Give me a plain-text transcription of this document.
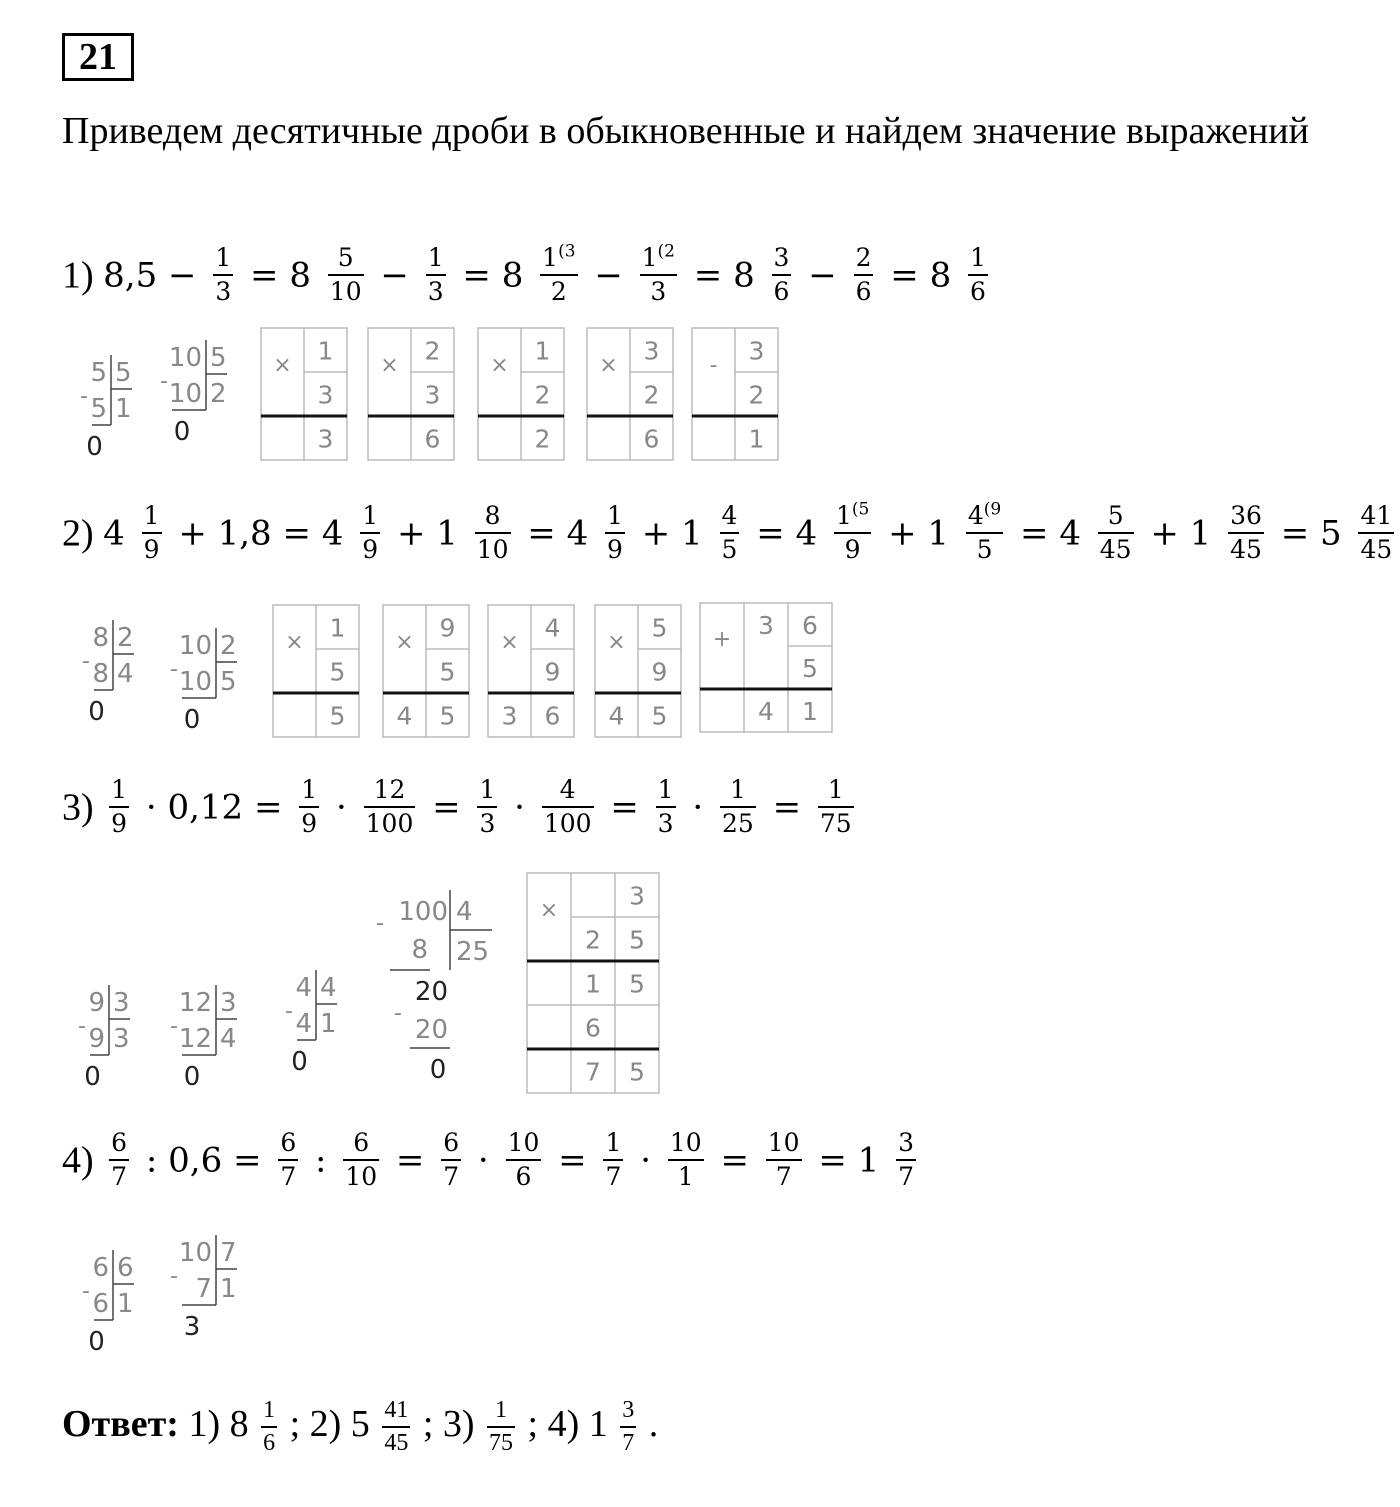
21

Приведем десятичные дроби в обыкновенные и найдем значение выражений

1) $8,5 - \frac{1}{3} = 8 \frac{5}{10} - \frac{1}{3} = 8 \frac{1^{(3}}{2} - \frac{1^{(2}}{3} = 8 \frac{3}{6} - \frac{2}{6} = 8 \frac{1}{6}$
2) $4 \frac{1}{9} + 1,8 = 4 \frac{1}{9} + 1 \frac{8}{10} = 4 \frac{1}{9} + 1 \frac{4}{5} = 4 \frac{1^{(5}}{9} + 1 \frac{4^{(9}}{5} = 4 \frac{5}{45} + 1 \frac{36}{45} = 5 \frac{41}{45}$
$3) \frac{1}{9} \cdot 0,12 = \frac{1}{9} \cdot \frac{12}{100} = \frac{1}{3} \cdot \frac{4}{100} = \frac{1}{3} \cdot \frac{1}{25} = \frac{1}{75}$
$4) \frac{6}{7}$ : $0,6 = \frac{6}{7}$ : $\frac{6}{10} = \frac{6}{7} \cdot \frac{10}{6} = \frac{1}{7} \cdot \frac{10}{1} = \frac{10}{7} = 1 \frac{3}{7}$
-
5 5
5 1
0
-
10 5
10 2
0
× 1
3
3
× 2
3
6
× 1
2
2
× 3
2
6
- 3
2
1
-
8 2
8 4
0
-
10 2
10 5
0
× 1
5
5
× 9
5
4 5
× 4
9
3 6
× 5
9
4 5
+ 3 6
5
4 1
-
9 3
9 3
0
-
12 3
12 4
0
-
4 4
4 1
0
- 100 4
25
8
20
-
20
0
×	3
2 5
1 5
6
7 5
-
6 6
6 1
0
-
10 7
7 1
3
Ответ: 1) $8 \frac{1}{6}$ ; 2) $5 \frac{41}{45}$ ; $3) \frac{1}{75}$ ; 4) $1 \frac{3}{7}$ .
